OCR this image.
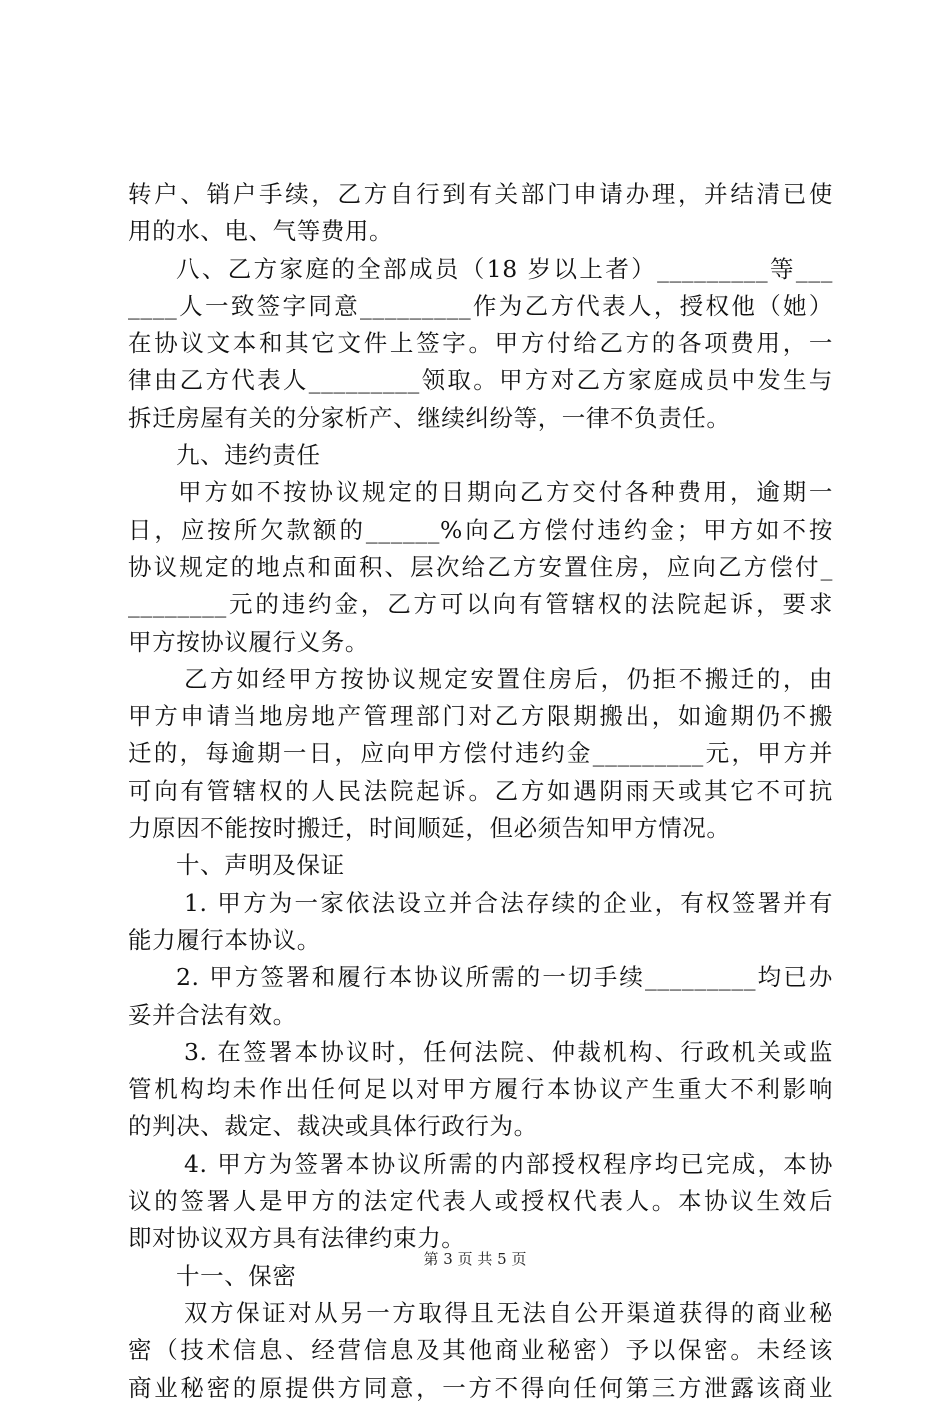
转户、销户手续，乙方自行到有关部门申请办理，并结清已使
用的水、电、气等费用。
八、乙方家庭的全部成员（18 岁以上者）_________等___
____人一致签字同意_________作为乙方代表人，授权他（她）
在协议文本和其它文件上签字。甲方付给乙方的各项费用，一
律由乙方代表人_________领取。甲方对乙方家庭成员中发生与
拆迁房屋有关的分家析产、继续纠纷等，一律不负责任。
九、违约责任
甲方如不按协议规定的日期向乙方交付各种费用，逾期一
日，应按所欠款额的______%向乙方偿付违约金；甲方如不按
协议规定的地点和面积、层次给乙方安置住房，应向乙方偿付_
________元的违约金，乙方可以向有管辖权的法院起诉，要求
甲方按协议履行义务。
乙方如经甲方按协议规定安置住房后，仍拒不搬迁的，由
甲方申请当地房地产管理部门对乙方限期搬出，如逾期仍不搬
迁的，每逾期一日，应向甲方偿付违约金_________元，甲方并
可向有管辖权的人民法院起诉。乙方如遇阴雨天或其它不可抗
力原因不能按时搬迁，时间顺延，但必须告知甲方情况。
十、声明及保证
1. 甲方为一家依法设立并合法存续的企业，有权签署并有
能力履行本协议。
2. 甲方签署和履行本协议所需的一切手续_________均已办
妥并合法有效。
3. 在签署本协议时，任何法院、仲裁机构、行政机关或监
管机构均未作出任何足以对甲方履行本协议产生重大不利影响
的判决、裁定、裁决或具体行政行为。
4. 甲方为签署本协议所需的内部授权程序均已完成，本协
议的签署人是甲方的法定代表人或授权代表人。本协议生效后
即对协议双方具有法律约束力。
十一、保密
双方保证对从另一方取得且无法自公开渠道获得的商业秘
密（技术信息、经营信息及其他商业秘密）予以保密。未经该
商业秘密的原提供方同意，一方不得向任何第三方泄露该商业
第 3 页 共 5 页
